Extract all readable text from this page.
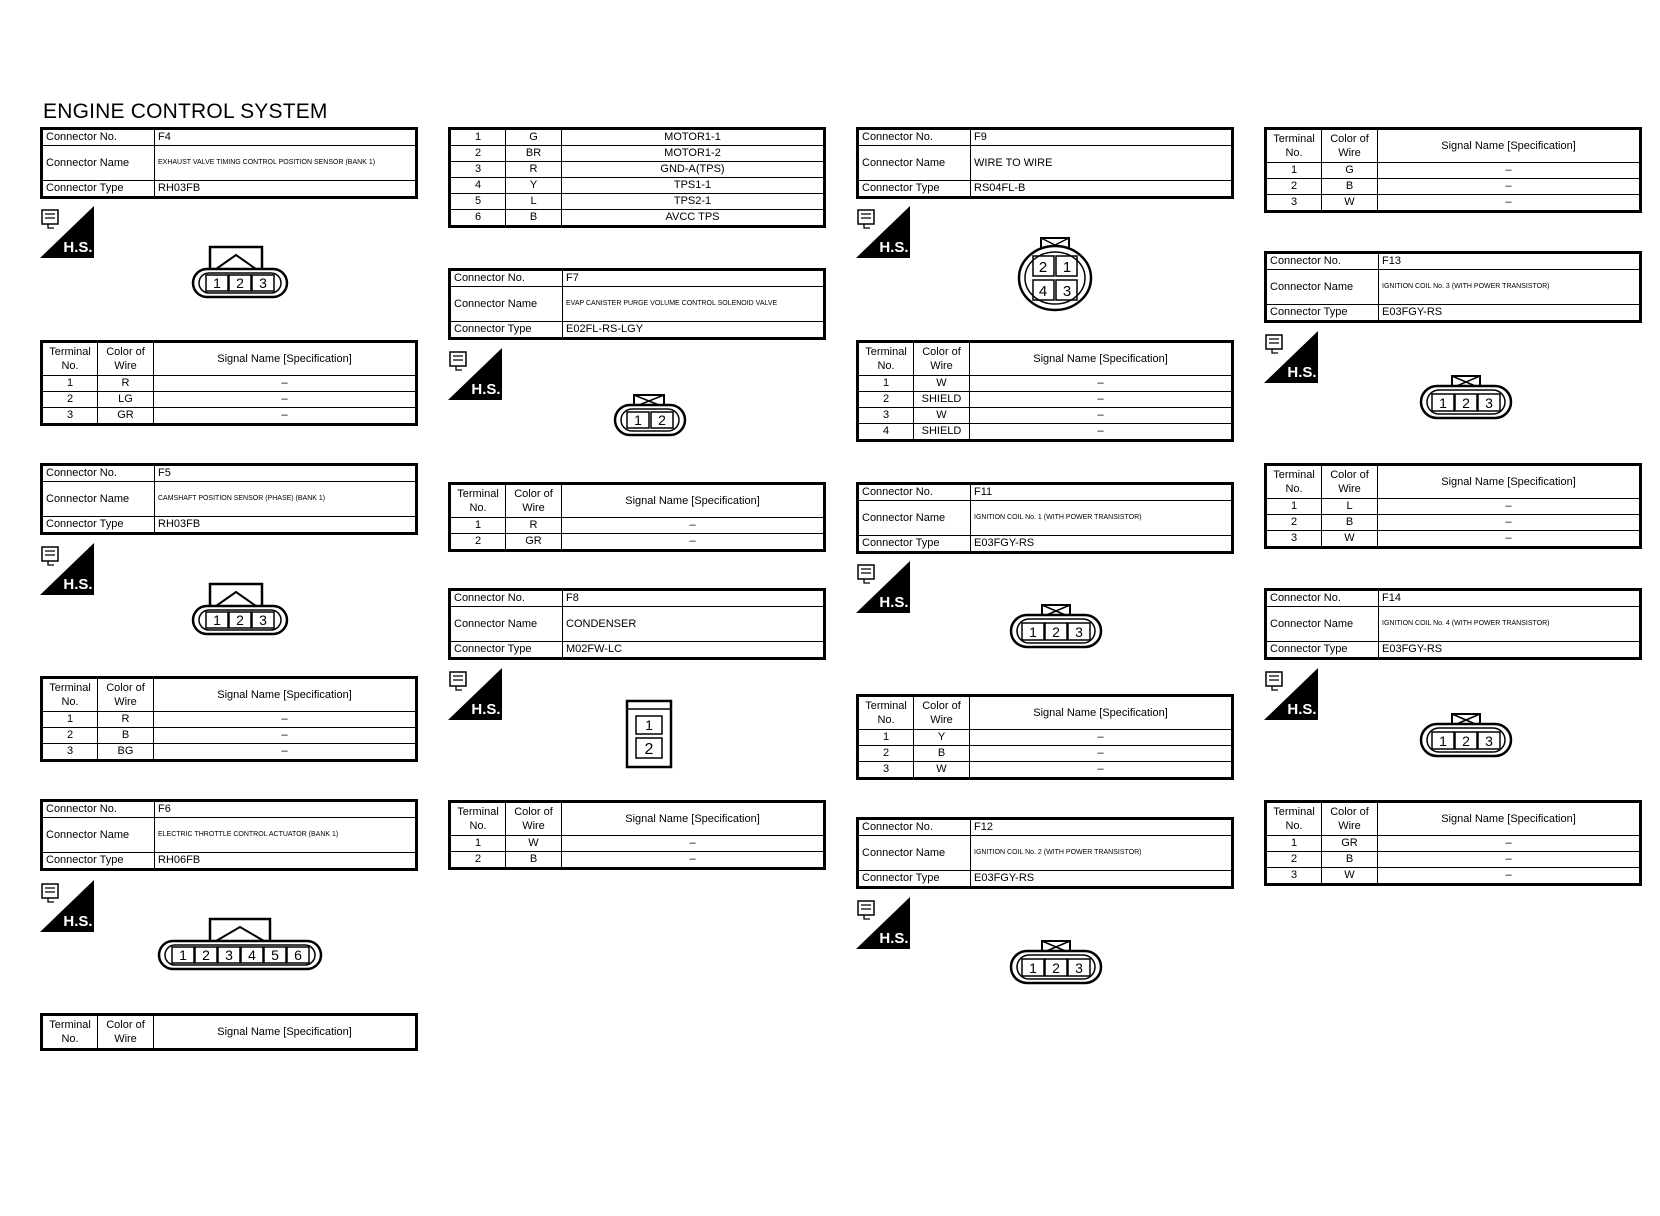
ENGINE CONTROL SYSTEM
Connector No.	F4
Connector Name	EXHAUST VALVE TIMING CONTROL POSITION SENSOR (BANK 1)
Connector Type	RH03FB
H.S.
1 2 3
Terminal No.	Color of Wire	Signal Name [Specification]
1	R	–
2	LG	–
3	GR	–
Connector No.	F5
Connector Name	CAMSHAFT POSITION SENSOR (PHASE) (BANK 1)
Connector Type	RH03FB
H.S.
1 2 3
Terminal No.	Color of Wire	Signal Name [Specification]
1	R	–
2	B	–
3	BG	–
Connector No.	F6
Connector Name	ELECTRIC THROTTLE CONTROL ACTUATOR (BANK 1)
Connector Type	RH06FB
H.S.
1 2 3 4 5 6
Terminal No.	Color of Wire	Signal Name [Specification]
1	G	MOTOR1-1
2	BR	MOTOR1-2
3	R	GND-A(TPS)
4	Y	TPS1-1
5	L	TPS2-1
6	B	AVCC TPS
Connector No.	F7
Connector Name	EVAP CANISTER PURGE VOLUME CONTROL SOLENOID VALVE
Connector Type	E02FL-RS-LGY
H.S.
1 2
Terminal No.	Color of Wire	Signal Name [Specification]
1	R	–
2	GR	–
Connector No.	F8
Connector Name	CONDENSER
Connector Type	M02FW-LC
H.S.
1
2
Terminal No.	Color of Wire	Signal Name [Specification]
1	W	–
2	B	–
Connector No.	F9
Connector Name	WIRE TO WIRE
Connector Type	RS04FL-B
H.S.
2 1
4 3
Terminal No.	Color of Wire	Signal Name [Specification]
1	W	–
2	SHIELD	–
3	W	–
4	SHIELD	–
Connector No.	F11
Connector Name	IGNITION COIL No. 1 (WITH POWER TRANSISTOR)
Connector Type	E03FGY-RS
H.S.
1 2 3
Terminal No.	Color of Wire	Signal Name [Specification]
1	Y	–
2	B	–
3	W	–
Connector No.	F12
Connector Name	IGNITION COIL No. 2 (WITH POWER TRANSISTOR)
Connector Type	E03FGY-RS
H.S.
1 2 3
Terminal No.	Color of Wire	Signal Name [Specification]
1	G	–
2	B	–
3	W	–
Connector No.	F13
Connector Name	IGNITION COIL No. 3 (WITH POWER TRANSISTOR)
Connector Type	E03FGY-RS
H.S.
1 2 3
Terminal No.	Color of Wire	Signal Name [Specification]
1	L	–
2	B	–
3	W	–
Connector No.	F14
Connector Name	IGNITION COIL No. 4 (WITH POWER TRANSISTOR)
Connector Type	E03FGY-RS
H.S.
1 2 3
Terminal No.	Color of Wire	Signal Name [Specification]
1	GR	–
2	B	–
3	W	–
